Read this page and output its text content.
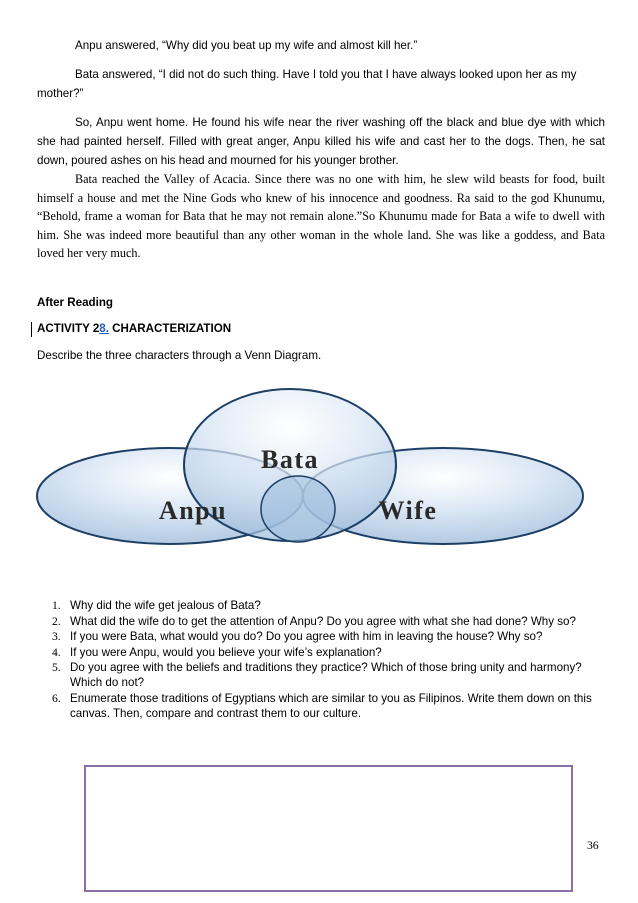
Anpu answered, “Why did you beat up my wife and almost kill her.”

Bata answered, “I did not do such thing. Have I told you that I have always looked upon her as my mother?”

So, Anpu went home. He found his wife near the river washing off the black and blue dye with which she had painted herself. Filled with great anger, Anpu killed his wife and cast her to the dogs. Then, he sat down, poured ashes on his head and mourned for his younger brother.

Bata reached the Valley of Acacia. Since there was no one with him, he slew wild beasts for food, built himself a house and met the Nine Gods who knew of his innocence and goodness. Ra said to the god Khunumu, “Behold, frame a woman for Bata that he may not remain alone.”So Khunumu made for Bata a wife to dwell with him. She was indeed more beautiful than any other woman in the whole land. She was like a goddess, and Bata loved her very much.

After Reading
ACTIVITY 28. CHARACTERIZATION
Describe the three characters through a Venn Diagram.
Bata
Anpu	Wife
1. Why did the wife get jealous of Bata?
2. What did the wife do to get the attention of Anpu? Do you agree with what she had done? Why so?
3. If you were Bata, what would you do? Do you agree with him in leaving the house? Why so?
4. If you were Anpu, would you believe your wife’s explanation?
5. Do you agree with the beliefs and traditions they practice? Which of those bring unity and harmony? Which do not?
6. Enumerate those traditions of Egyptians which are similar to you as Filipinos. Write them down on this canvas. Then, compare and contrast them to our culture.
36
